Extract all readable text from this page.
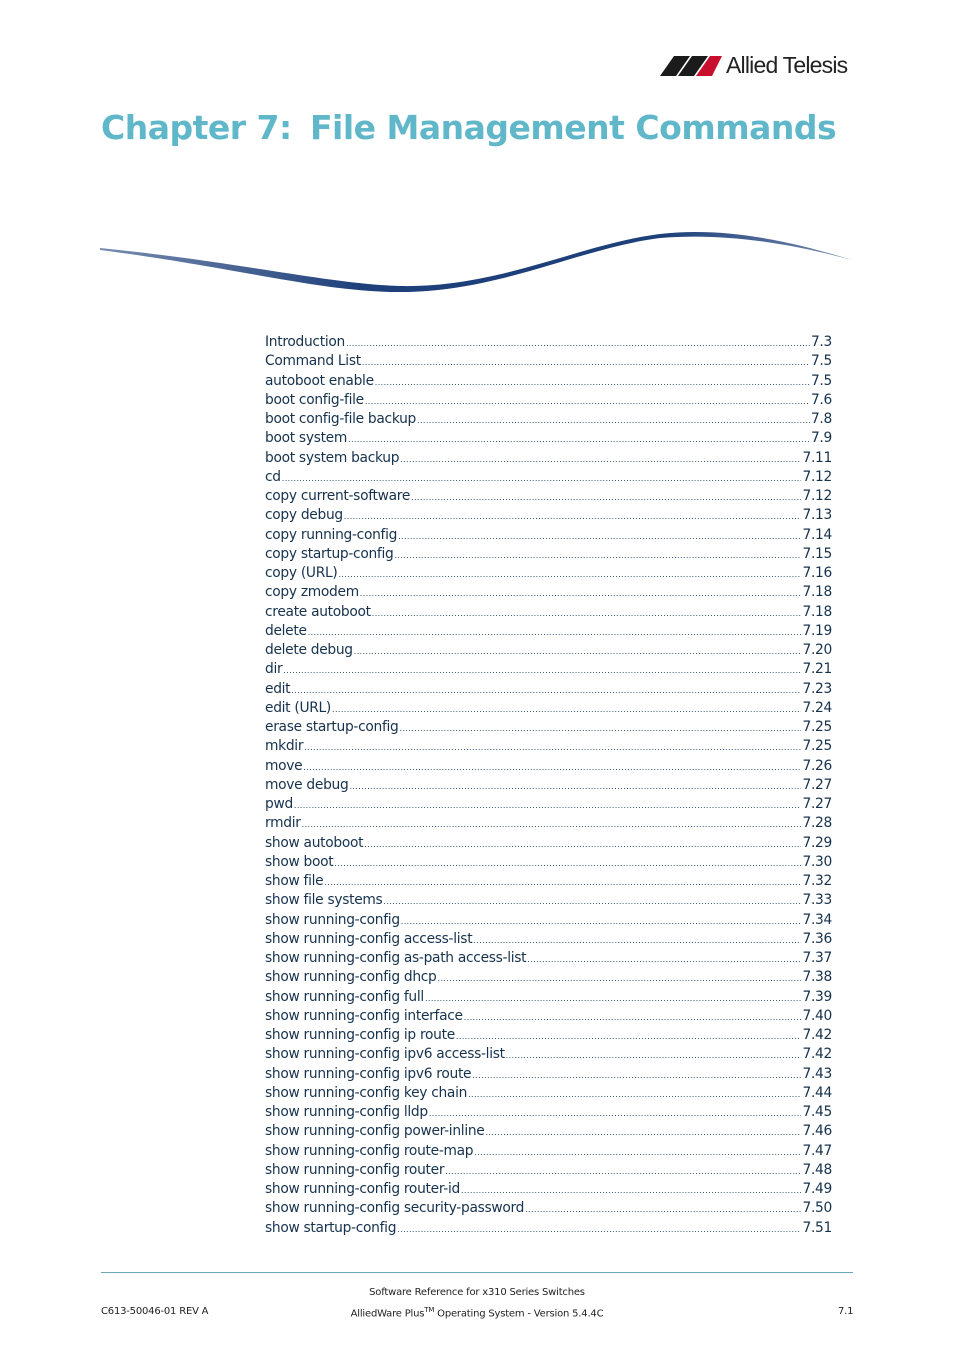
Allied Telesis
Chapter 7: File Management Commands
Introduction .....	7.3
Command List .....	7.5
autoboot enable .....	7.5
boot config-file .....	7.6
boot config-file backup .....	7.8
boot system .....	7.9
boot system backup .....	7.11
cd .....	7.12
copy current-software .....	7.12
copy debug .....	7.13
copy running-config .....	7.14
copy startup-config .....	7.15
copy (URL) .....	7.16
copy zmodem .....	7.18
create autoboot .....	7.18
delete .....	7.19
delete debug .....	7.20
dir .....	7.21
edit .....	7.23
edit (URL) .....	7.24
erase startup-config .....	7.25
mkdir .....	7.25
move .....	7.26
move debug .....	7.27
pwd .....	7.27
rmdir .....	7.28
show autoboot .....	7.29
show boot .....	7.30
show file .....	7.32
show file systems .....	7.33
show running-config .....	7.34
show running-config access-list .....	7.36
show running-config as-path access-list .....	7.37
show running-config dhcp .....	7.38
show running-config full .....	7.39
show running-config interface .....	7.40
show running-config ip route .....	7.42
show running-config ipv6 access-list .....	7.42
show running-config ipv6 route .....	7.43
show running-config key chain .....	7.44
show running-config lldp .....	7.45
show running-config power-inline .....	7.46
show running-config route-map .....	7.47
show running-config router .....	7.48
show running-config router-id .....	7.49
show running-config security-password .....	7.50
show startup-config .....	7.51
Software Reference for x310 Series Switches
C613-50046-01 REV A	AlliedWare Plus™ Operating System - Version 5.4.4C	7.1
